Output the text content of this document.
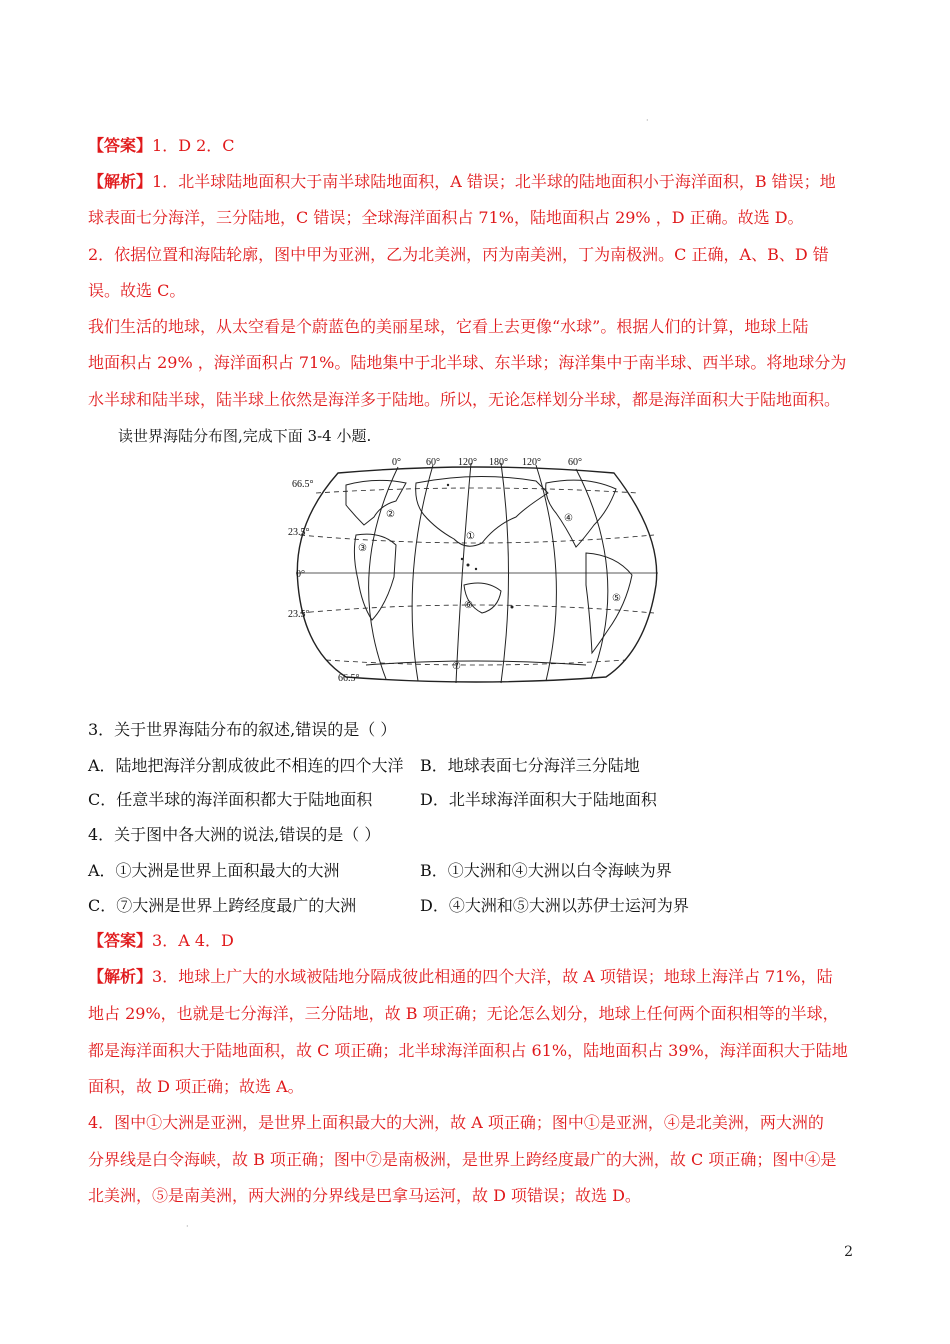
【答案】1．D 2．C
【解析】1．北半球陆地面积大于南半球陆地面积，A 错误；北半球的陆地面积小于海洋面积，B 错误；地
球表面七分海洋，三分陆地，C 错误；全球海洋面积占 71%，陆地面积占 29% ，D 正确。故选 D。
2．依据位置和海陆轮廓，图中甲为亚洲，乙为北美洲，丙为南美洲，丁为南极洲。C 正确，A、B、D 错
误。故选 C。
我们生活的地球，从太空看是个蔚蓝色的美丽星球，它看上去更像“水球”。根据人们的计算，地球上陆
地面积占 29% ，海洋面积占 71%。陆地集中于北半球、东半球；海洋集中于南半球、西半球。将地球分为
水半球和陆半球，陆半球上依然是海洋多于陆地。所以，无论怎样划分半球，都是海洋面积大于陆地面积。
读世界海陆分布图,完成下面 3-4 小题.
0°	60° 120° 180° 120°	60°
66.5°
23.5°
0°
23.5°
66.5°
①
②
③
④
⑤
⑥
⑦
3．关于世界海陆分布的叙述,错误的是（ ）
A．陆地把海洋分割成彼此不相连的四个大洋 B．地球表面七分海洋三分陆地
C．任意半球的海洋面积都大于陆地面积	D．北半球海洋面积大于陆地面积
4．关于图中各大洲的说法,错误的是（ ）
A．①大洲是世界上面积最大的大洲	B．①大洲和④大洲以白令海峡为界
C．⑦大洲是世界上跨经度最广的大洲	D．④大洲和⑤大洲以苏伊士运河为界
【答案】3．A 4．D
【解析】3．地球上广大的水域被陆地分隔成彼此相通的四个大洋，故 A 项错误；地球上海洋占 71%，陆
地占 29%，也就是七分海洋，三分陆地，故 B 项正确；无论怎么划分，地球上任何两个面积相等的半球，
都是海洋面积大于陆地面积，故 C 项正确；北半球海洋面积占 61%，陆地面积占 39%，海洋面积大于陆地
面积，故 D 项正确；故选 A。
4．图中①大洲是亚洲，是世界上面积最大的大洲，故 A 项正确；图中①是亚洲，④是北美洲，两大洲的
分界线是白令海峡，故 B 项正确；图中⑦是南极洲，是世界上跨经度最广的大洲，故 C 项正确；图中④是
北美洲，⑤是南美洲，两大洲的分界线是巴拿马运河，故 D 项错误；故选 D。
·
·
2
